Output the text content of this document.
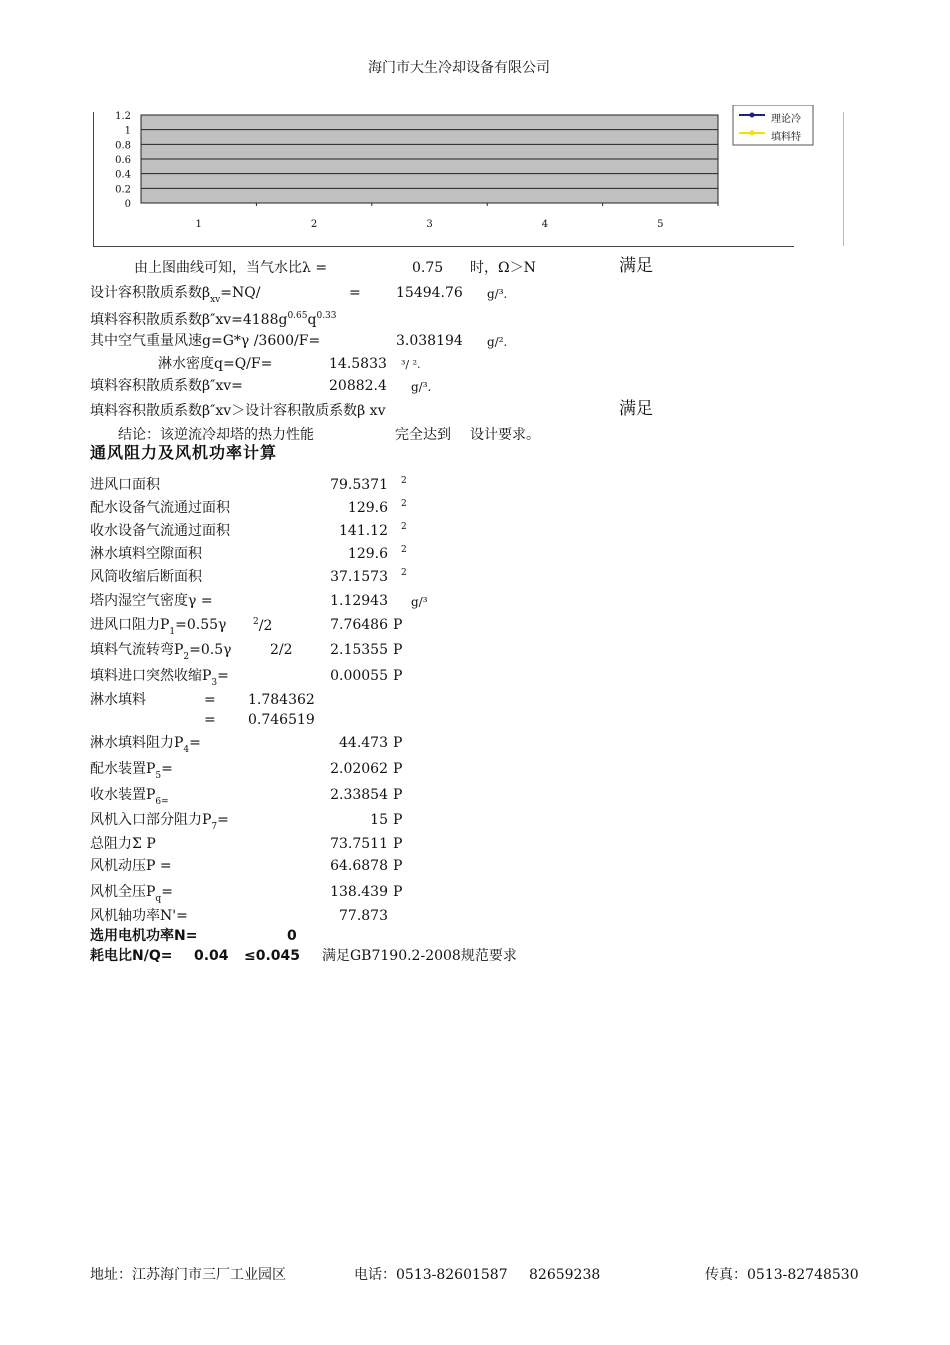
海门市大生冷却设备有限公司
1.2
1
0.8
0.6
0.4
0.2
0
1	2	3	4	5
理论冷
填料特
由上图曲线可知，当气水比λ =	0.75 时，Ω＞N	满足
设计容积散质系数$\beta_{xv}=NQ/$	=	15494.76 g/³.
填料容积散质系数$\beta''xv=4188g^{0.65}q^{0.33}$
其中空气重量风速g=G*γ /3600/F=	3.038194 g/².
淋水密度q=Q/F=	14.5833 ³/ ².
填料容积散质系数β″xv=	20882.4 g/³.
填料容积散质系数β″xv＞设计容积散质系数β xv	满足
结论：该逆流冷却塔的热力性能	完全达到 设计要求。
通风阻力及风机功率计算
进风口面积	79.5371 2
配水设备气流通过面积	129.6 2
收水设备气流通过面积	141.12 2
淋水填料空隙面积	129.6 2
风筒收缩后断面积	37.1573 2
塔内湿空气密度γ =	1.12943 g/³
进风口阻力$P_1=0.55\gamma$	$^2$/2	7.76486 P
填料气流转弯$P_2=0.5\gamma$	2/2	2.15355 P
填料进口突然收缩$P_3=$	0.00055 P
淋水填料	= 1.784362
= 0.746519
淋水填料阻力$P_4=$	44.473 P
配水装置$P_5=$	2.02062 P
收水装置$P_{6=}$	2.33854 P
风机入口部分阻力$P_7=$	15 P
总阻力Σ P	73.7511 P
风机动压P =	64.6878 P
风机全压$P_q=$	138.439 P
风机轴功率N'=	77.873
选用电机功率N=	0
耗电比N/Q= 0.04 ≤0.045 满足GB7190.2-2008规范要求
地址：江苏海门市三厂工业园区	电话：0513-82601587 82659238	传真：0513-82748530
